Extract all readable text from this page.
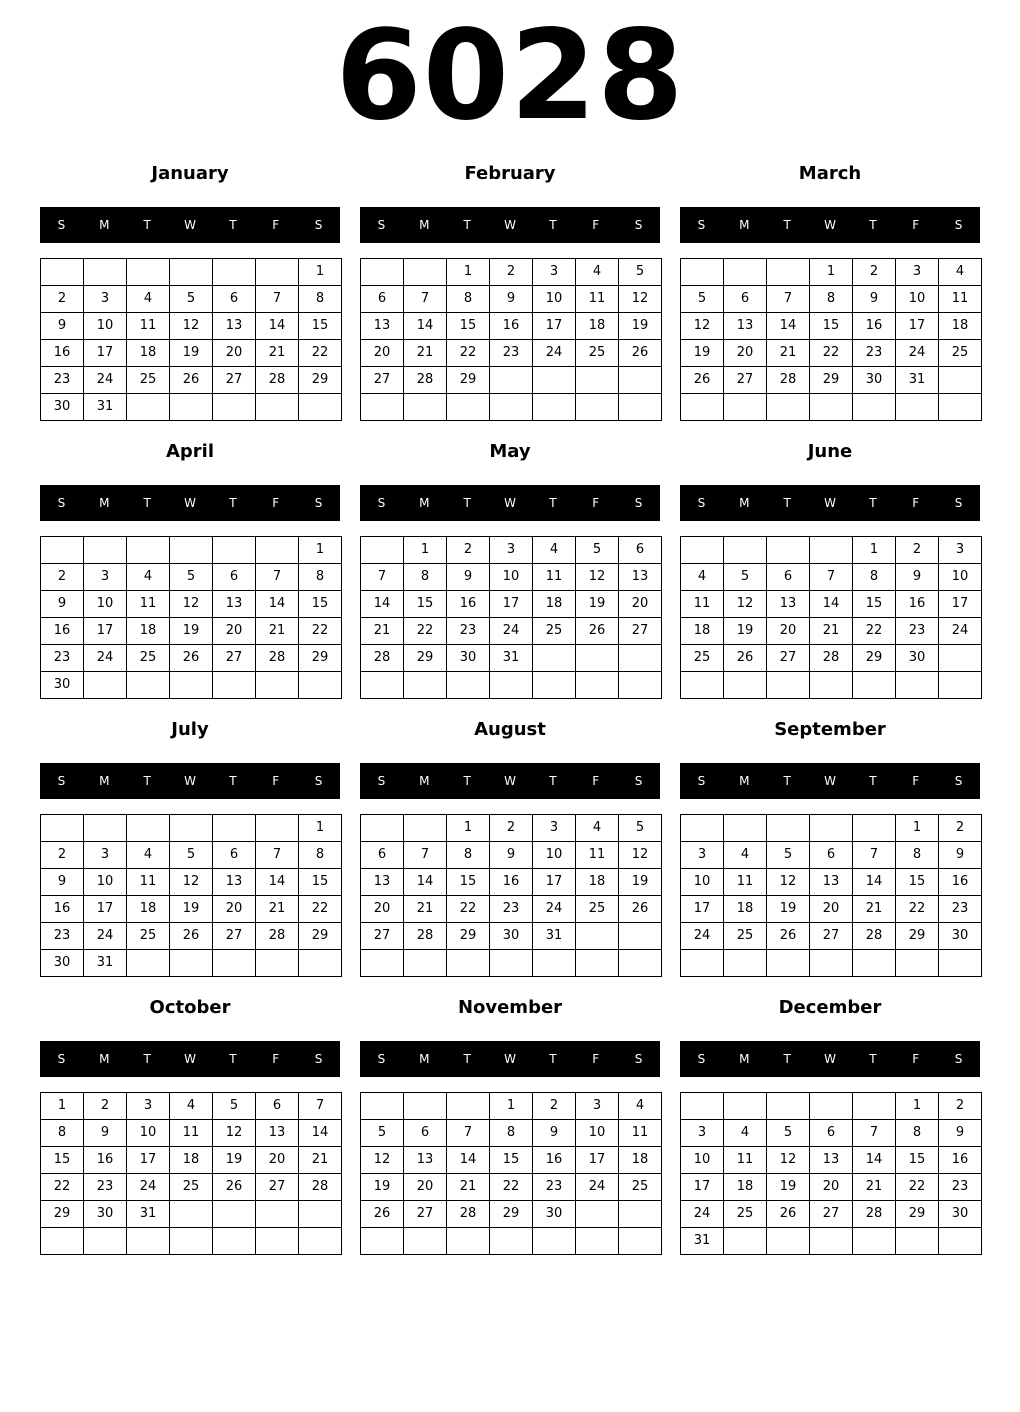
6028
January
S	M	T	W	T	F	S
						1
2	3	4	5	6	7	8
9	10	11	12	13	14	15
16	17	18	19	20	21	22
23	24	25	26	27	28	29
30	31					
February
S	M	T	W	T	F	S
		1	2	3	4	5
6	7	8	9	10	11	12
13	14	15	16	17	18	19
20	21	22	23	24	25	26
27	28	29				

March
S	M	T	W	T	F	S
			1	2	3	4
5	6	7	8	9	10	11
12	13	14	15	16	17	18
19	20	21	22	23	24	25
26	27	28	29	30	31	

April
S	M	T	W	T	F	S
						1
2	3	4	5	6	7	8
9	10	11	12	13	14	15
16	17	18	19	20	21	22
23	24	25	26	27	28	29
30						
May
S	M	T	W	T	F	S
	1	2	3	4	5	6
7	8	9	10	11	12	13
14	15	16	17	18	19	20
21	22	23	24	25	26	27
28	29	30	31			

June
S	M	T	W	T	F	S
				1	2	3
4	5	6	7	8	9	10
11	12	13	14	15	16	17
18	19	20	21	22	23	24
25	26	27	28	29	30	

July
S	M	T	W	T	F	S
						1
2	3	4	5	6	7	8
9	10	11	12	13	14	15
16	17	18	19	20	21	22
23	24	25	26	27	28	29
30	31					
August
S	M	T	W	T	F	S
		1	2	3	4	5
6	7	8	9	10	11	12
13	14	15	16	17	18	19
20	21	22	23	24	25	26
27	28	29	30	31		

September
S	M	T	W	T	F	S
					1	2
3	4	5	6	7	8	9
10	11	12	13	14	15	16
17	18	19	20	21	22	23
24	25	26	27	28	29	30

October
S	M	T	W	T	F	S
1	2	3	4	5	6	7
8	9	10	11	12	13	14
15	16	17	18	19	20	21
22	23	24	25	26	27	28
29	30	31				

November
S	M	T	W	T	F	S
			1	2	3	4
5	6	7	8	9	10	11
12	13	14	15	16	17	18
19	20	21	22	23	24	25
26	27	28	29	30		

December
S	M	T	W	T	F	S
					1	2
3	4	5	6	7	8	9
10	11	12	13	14	15	16
17	18	19	20	21	22	23
24	25	26	27	28	29	30
31						
